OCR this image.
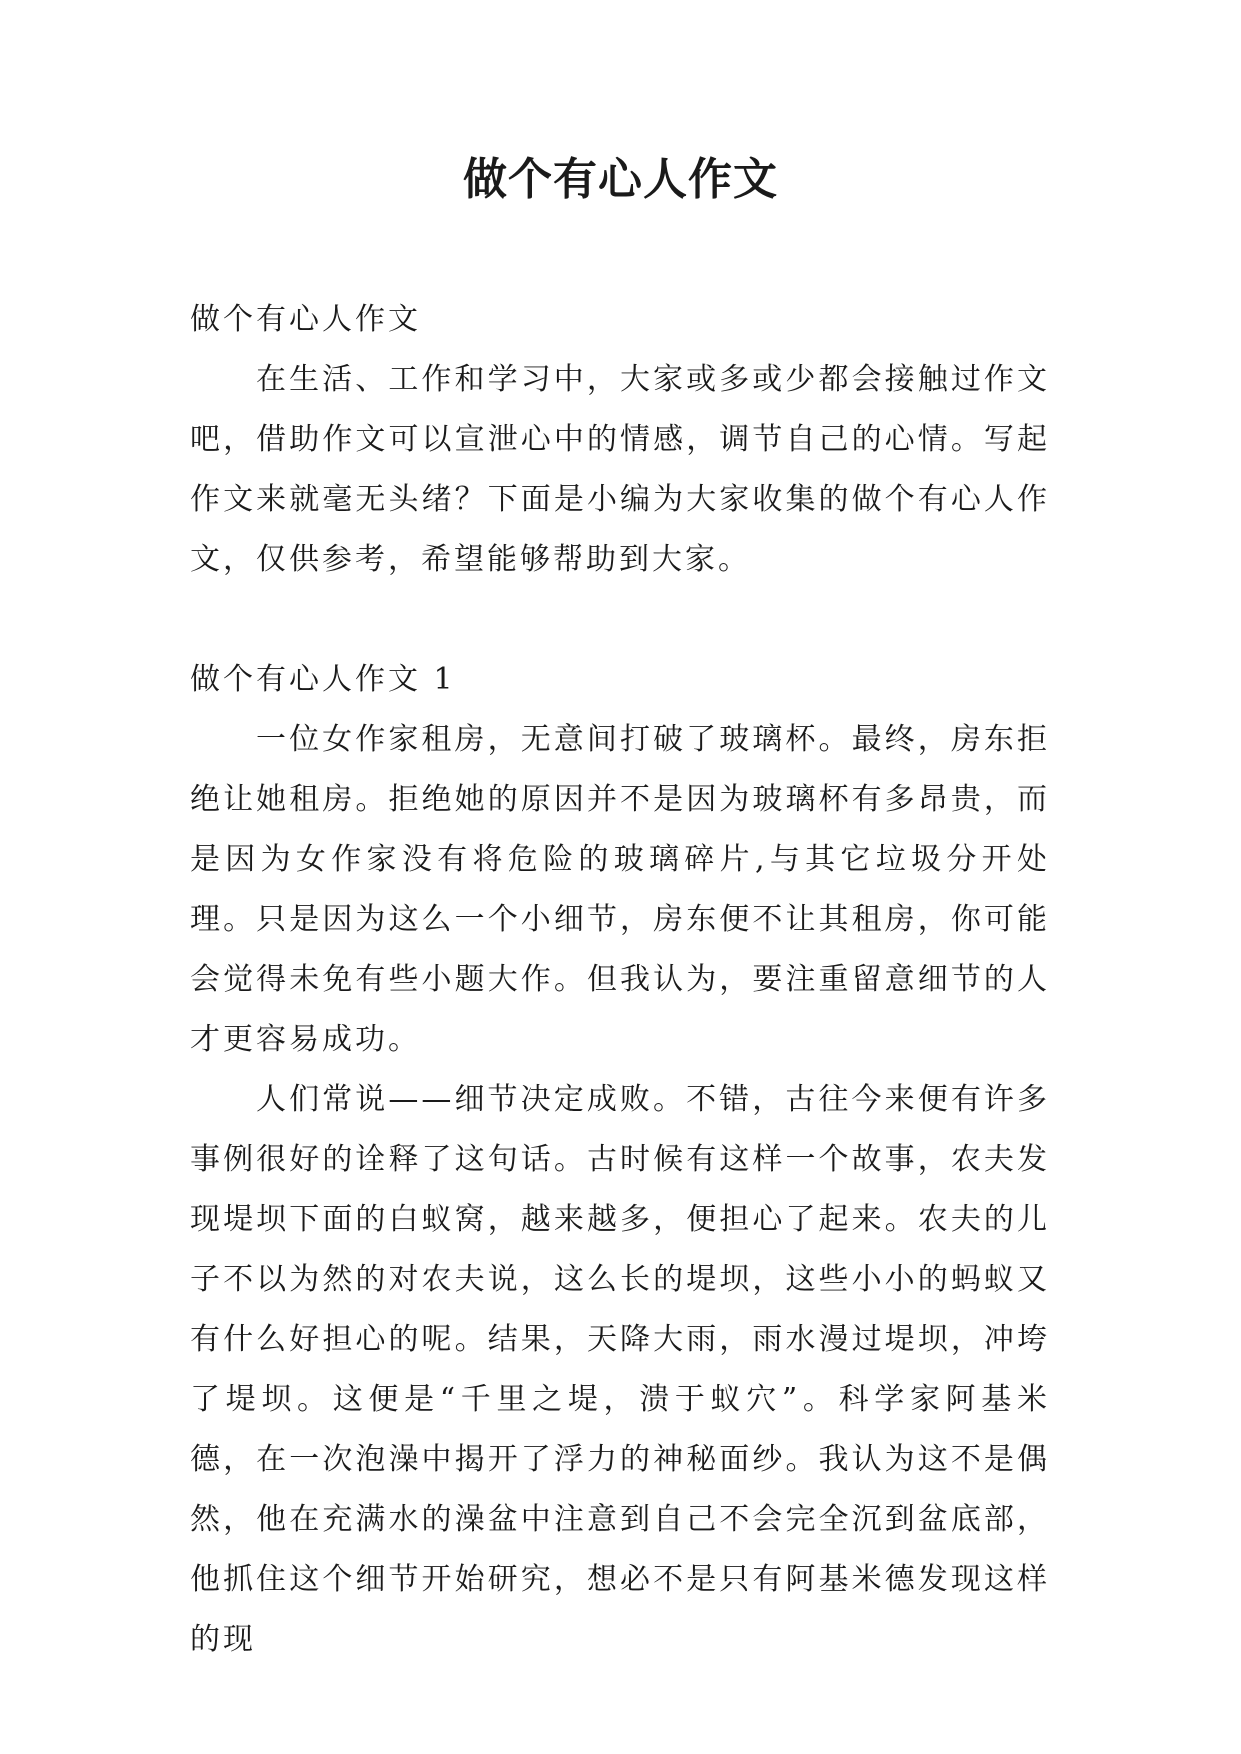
做个有心人作文

做个有心人作文

在生活、工作和学习中，大家或多或少都会接触过作文吧，借助作文可以宣泄心中的情感，调节自己的心情。写起作文来就毫无头绪？下面是小编为大家收集的做个有心人作文，仅供参考，希望能够帮助到大家。

做个有心人作文 1

一位女作家租房，无意间打破了玻璃杯。最终，房东拒绝让她租房。拒绝她的原因并不是因为玻璃杯有多昂贵，而是因为女作家没有将危险的玻璃碎片,与其它垃圾分开处理。只是因为这么一个小细节，房东便不让其租房，你可能会觉得未免有些小题大作。但我认为，要注重留意细节的人才更容易成功。

人们常说——细节决定成败。不错，古往今来便有许多事例很好的诠释了这句话。古时候有这样一个故事，农夫发现堤坝下面的白蚁窝，越来越多，便担心了起来。农夫的儿子不以为然的对农夫说，这么长的堤坝，这些小小的蚂蚁又有什么好担心的呢。结果，天降大雨，雨水漫过堤坝，冲垮了堤坝。这便是“千里之堤，溃于蚁穴”。科学家阿基米德，在一次泡澡中揭开了浮力的神秘面纱。我认为这不是偶然，他在充满水的澡盆中注意到自己不会完全沉到盆底部，他抓住这个细节开始研究，想必不是只有阿基米德发现这样的现
